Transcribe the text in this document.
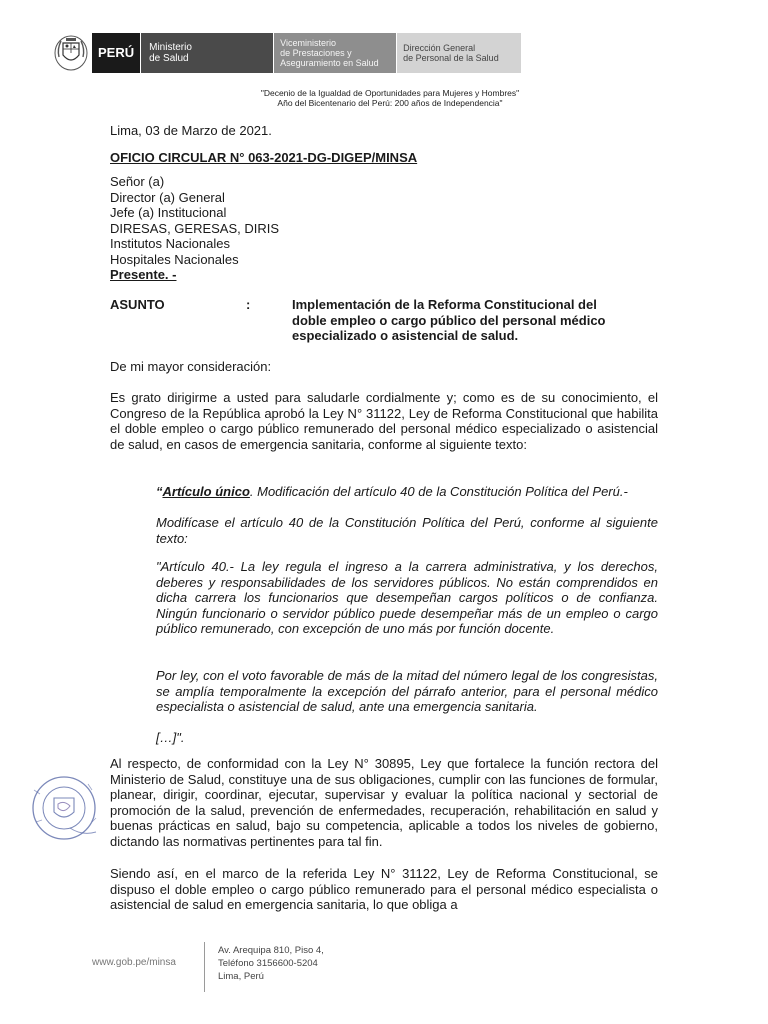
PERÚ Ministerio
de Salud
Viceministerio
de Prestaciones y
Aseguramiento en Salud
Dirección General
de Personal de la Salud
"Decenio de la Igualdad de Oportunidades para Mujeres y Hombres"
Año del Bicentenario del Perú: 200 años de Independencia"
Lima, 03 de Marzo de 2021.
OFICIO CIRCULAR N° 063-2021-DG-DIGEP/MINSA
Señor (a)
Director (a) General
Jefe (a) Institucional
DIRESAS, GERESAS, DIRIS
Institutos Nacionales
Hospitales Nacionales
Presente. -
ASUNTO	:	Implementación de la Reforma Constitucional del
doble empleo o cargo público del personal médico
especializado o asistencial de salud.
De mi mayor consideración:
Es grato dirigirme a usted para saludarle cordialmente y; como es de su conocimiento, el Congreso de la República aprobó la Ley N° 31122, Ley de Reforma Constitucional que habilita el doble empleo o cargo público remunerado del personal médico especializado o asistencial de salud, en casos de emergencia sanitaria, conforme al siguiente texto:
“Artículo único. Modificación del artículo 40 de la Constitución Política del Perú.-
Modifícase el artículo 40 de la Constitución Política del Perú, conforme al siguiente texto:
"Artículo 40.- La ley regula el ingreso a la carrera administrativa, y los derechos, deberes y responsabilidades de los servidores públicos. No están comprendidos en dicha carrera los funcionarios que desempeñan cargos políticos o de confianza. Ningún funcionario o servidor público puede desempeñar más de un empleo o cargo público remunerado, con excepción de uno más por función docente.
Por ley, con el voto favorable de más de la mitad del número legal de los congresistas, se amplía temporalmente la excepción del párrafo anterior, para el personal médico especialista o asistencial de salud, ante una emergencia sanitaria.
[…]".
Al respecto, de conformidad con la Ley N° 30895, Ley que fortalece la función rectora del Ministerio de Salud, constituye una de sus obligaciones, cumplir con las funciones de formular, planear, dirigir, coordinar, ejecutar, supervisar y evaluar la política nacional y sectorial de promoción de la salud, prevención de enfermedades, recuperación, rehabilitación en salud y buenas prácticas en salud, bajo su competencia, aplicable a todos los niveles de gobierno, dictando las normativas pertinentes para tal fin.
Siendo así, en el marco de la referida Ley N° 31122, Ley de Reforma Constitucional, se dispuso el doble empleo o cargo público remunerado para el personal médico especialista o asistencial de salud en emergencia sanitaria, lo que obliga a
www.gob.pe/minsa
Av. Arequipa 810, Piso 4,
Teléfono 3156600-5204
Lima, Perú
